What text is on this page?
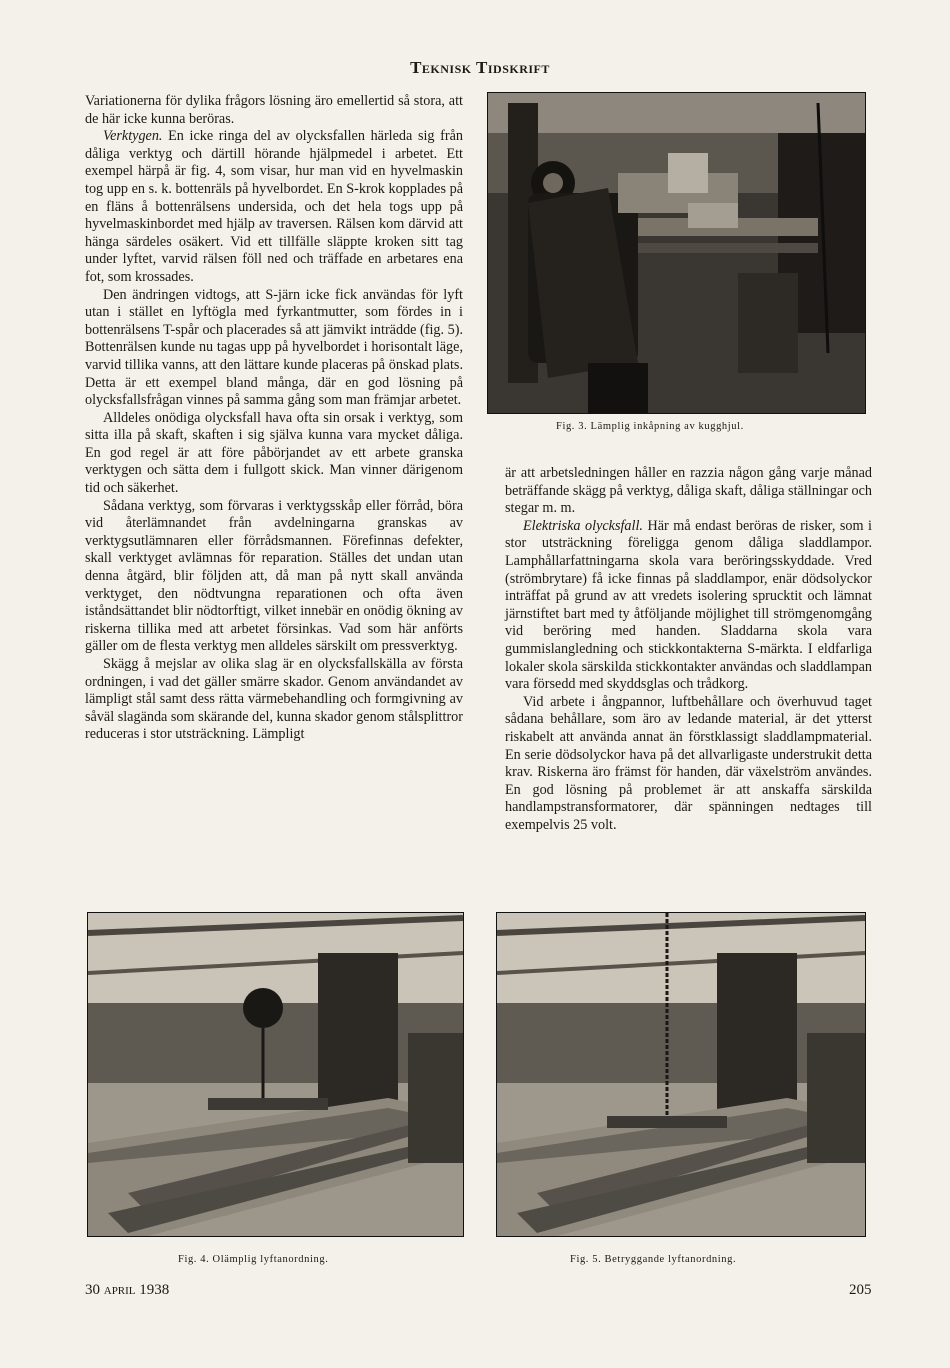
Teknisk Tidskrift

Variationerna för dylika frågors lösning äro emellertid så stora, att de här icke kunna beröras.

Verktygen. En icke ringa del av olycksfallen härleda sig från dåliga verktyg och därtill hörande hjälpmedel i arbetet. Ett exempel härpå är fig. 4, som visar, hur man vid en hyvelmaskin tog upp en s. k. bottenräls på hyvelbordet. En S-krok kopplades på en fläns å bottenrälsens undersida, och det hela togs upp på hyvelmaskinbordet med hjälp av traversen. Rälsen kom därvid att hänga särdeles osäkert. Vid ett tillfälle släppte kroken sitt tag under lyftet, varvid rälsen föll ned och träffade en arbetares ena fot, som krossades.

Den ändringen vidtogs, att S-järn icke fick användas för lyft utan i stället en lyftögla med fyrkantmutter, som fördes in i bottenrälsens T-spår och placerades så att jämvikt inträdde (fig. 5). Bottenrälsen kunde nu tagas upp på hyvelbordet i horisontalt läge, varvid tillika vanns, att den lättare kunde placeras på önskad plats. Detta är ett exempel bland många, där en god lösning på olycksfallsfrågan vinnes på samma gång som man främjar arbetet.

Alldeles onödiga olycksfall hava ofta sin orsak i verktyg, som sitta illa på skaft, skaften i sig själva kunna vara mycket dåliga. En god regel är att före påbörjandet av ett arbete granska verktygen och sätta dem i fullgott skick. Man vinner därigenom tid och säkerhet.

Sådana verktyg, som förvaras i verktygsskåp eller förråd, böra vid återlämnandet från avdelningarna granskas av verktygsutlämnaren eller förrådsmannen. Förefinnas defekter, skall verktyget avlämnas för reparation. Ställes det undan utan denna åtgärd, blir följden att, då man på nytt skall använda verktyget, den nödtvungna reparationen och ofta även iståndsättandet blir nödtorftigt, vilket innebär en onödig ökning av riskerna tillika med att arbetet försinkas. Vad som här anförts gäller om de flesta verktyg men alldeles särskilt om pressverktyg.

Skägg å mejslar av olika slag är en olycksfallskälla av första ordningen, i vad det gäller smärre skador. Genom användandet av lämpligt stål samt dess rätta värmebehandling och formgivning av såväl slagända som skärande del, kunna skador genom stålsplittror reduceras i stor utsträckning. Lämpligt

Fig. 3. Lämplig inkåpning av kugghjul.

är att arbetsledningen håller en razzia någon gång varje månad beträffande skägg på verktyg, dåliga skaft, dåliga ställningar och stegar m. m.

Elektriska olycksfall. Här må endast beröras de risker, som i stor utsträckning föreligga genom dåliga sladdlampor. Lamphållarfattningarna skola vara beröringsskyddade. Vred (strömbrytare) få icke finnas på sladdlampor, enär dödsolyckor inträffat på grund av att vredets isolering sprucktit och lämnat järnstiftet bart med ty åtföljande möjlighet till strömgenomgång vid beröring med handen. Sladdarna skola vara gummislangledning och stickkontakterna S-märkta. I eldfarliga lokaler skola särskilda stickkontakter användas och sladdlampan vara försedd med skyddsglas och trådkorg.

Vid arbete i ångpannor, luftbehållare och överhuvud taget sådana behållare, som äro av ledande material, är det ytterst riskabelt att använda annat än förstklassigt sladdlampmaterial. En serie dödsolyckor hava på det allvarligaste understrukit detta krav. Riskerna äro främst för handen, där växelström användes. En god lösning på problemet är att anskaffa särskilda handlampstransformatorer, där spänningen nedtages till exempelvis 25 volt.

Fig. 4. Olämplig lyftanordning.	Fig. 5. Betryggande lyftanordning.
30 april 1938	205
